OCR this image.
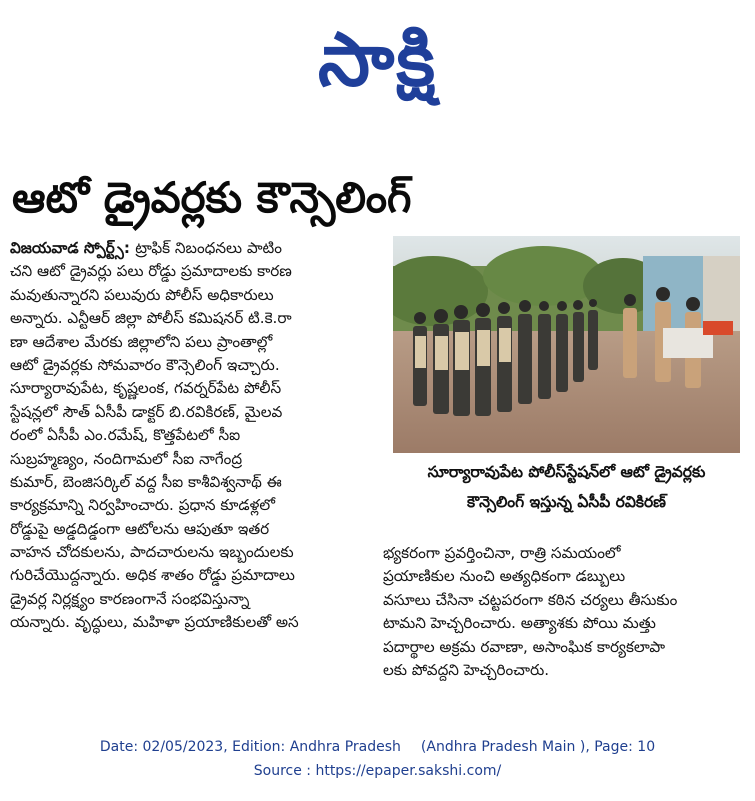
సాక్షి
ఆటో డ్రైవర్లకు కౌన్సెలింగ్
విజయవాడ స్పోర్ట్స్: ట్రాఫిక్ నిబంధనలు పాటిం
చని ఆటో డ్రైవర్లు పలు రోడ్డు ప్రమాదాలకు కారణ
మవుతున్నారని పలువురు పోలీస్ అధికారులు
అన్నారు. ఎన్టీఆర్ జిల్లా పోలీస్ కమిషనర్ టి.కె.రా
ణా ఆదేశాల మేరకు జిల్లాలోని పలు ప్రాంతాల్లో
ఆటో డ్రైవర్లకు సోమవారం కౌన్సెలింగ్ ఇచ్చారు.
సూర్యారావుపేట, కృష్ణలంక, గవర్నర్‌పేట పోలీస్
స్టేషన్లలో సౌత్ ఏసీపీ డాక్టర్ బి.రవికిరణ్, మైలవ
రంలో ఏసీపీ ఎం.రమేష్, కొత్తపేటలో సీఐ
సుబ్రహ్మణ్యం, నందిగామలో సీఐ నాగేంద్ర
కుమార్, బెంజిసర్కిల్ వద్ద సీఐ కాశీవిశ్వనాథ్ ఈ
కార్యక్రమాన్ని నిర్వహించారు. ప్రధాన కూడళ్లలో
రోడ్డుపై అడ్డదిడ్డంగా ఆటోలను ఆపుతూ ఇతర
వాహన చోదకులను, పాదచారులను ఇబ్బందులకు
గురిచేయొద్దన్నారు. అధిక శాతం రోడ్డు ప్రమాదాలు
డ్రైవర్ల నిర్లక్ష్యం కారణంగానే సంభవిస్తున్నా
యన్నారు. వృద్ధులు, మహిళా ప్రయాణికులతో అస
సూర్యారావుపేట పోలీస్‌స్టేషన్‌లో ఆటో డ్రైవర్లకు
కౌన్సెలింగ్ ఇస్తున్న ఏసీపీ రవికిరణ్
భ్యకరంగా ప్రవర్తించినా, రాత్రి సమయంలో
ప్రయాణికుల నుంచి అత్యధికంగా డబ్బులు
వసూలు చేసినా చట్టపరంగా కఠిన చర్యలు తీసుకుం
టామని హెచ్చరించారు. అత్యాశకు పోయి మత్తు
పదార్థాల అక్రమ రవాణా, అసాంఘిక కార్యకలాపా
లకు పోవద్దని హెచ్చరించారు.
Date: 02/05/2023, Edition: Andhra Pradesh (Andhra Pradesh Main ), Page: 10
Source : https://epaper.sakshi.com/
